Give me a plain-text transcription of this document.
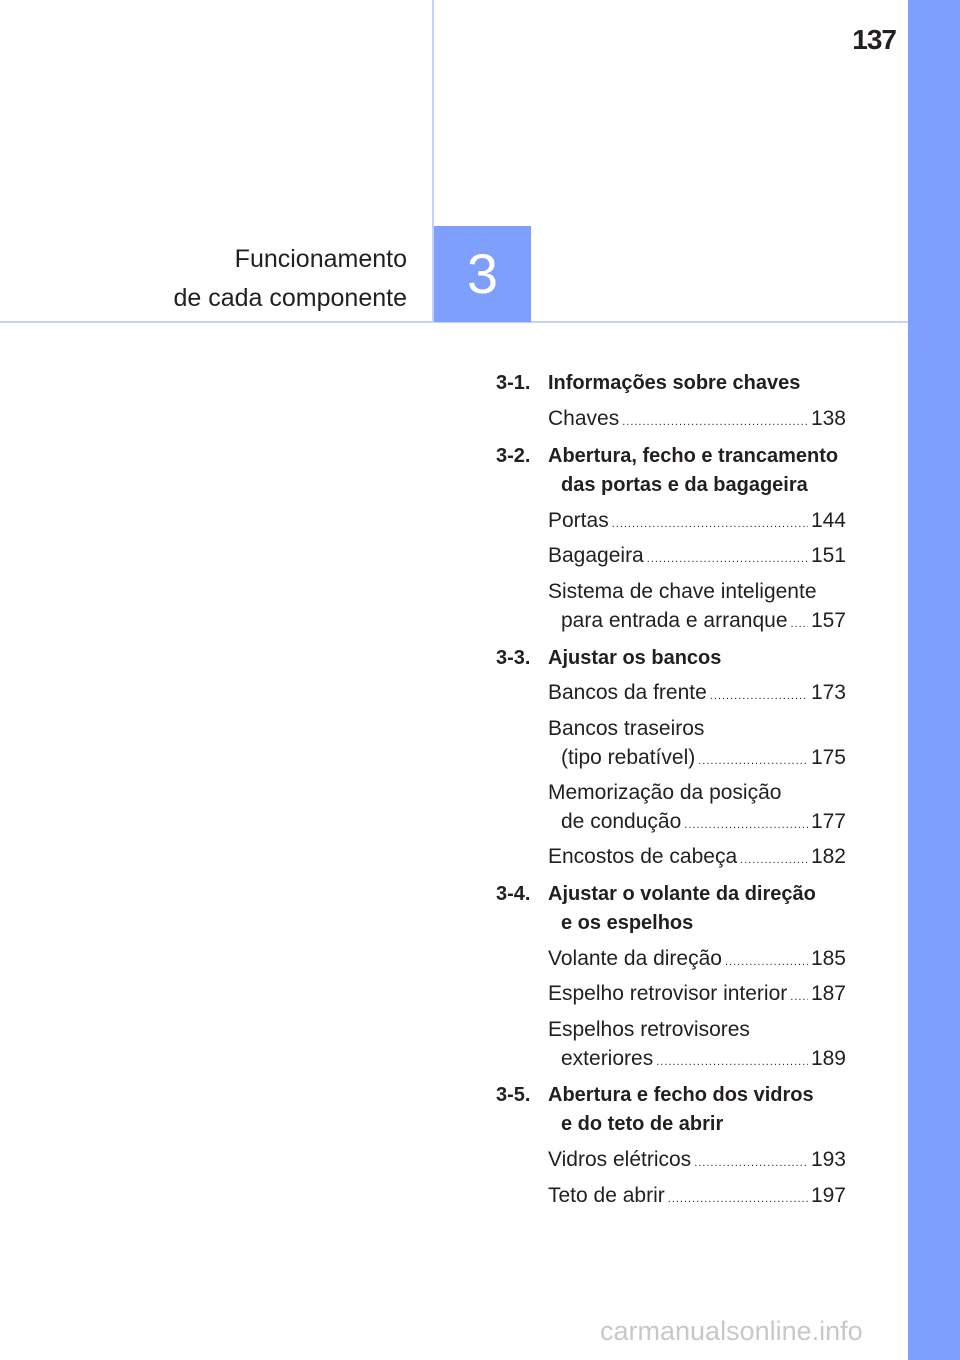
137
Funcionamento
de cada componente	3
3-1. Informações sobre chaves
Chaves .....	138
3-2. Abertura, fecho e trancamento
das portas e da bagageira
Portas .....	144
Bagageira .....	151
Sistema de chave inteligente
para entrada e arranque ..... 157
3-3. Ajustar os bancos
Bancos da frente .....	173
Bancos traseiros
(tipo rebatível) .....	175
Memorização da posição
de condução .....	177
Encostos de cabeça .....	182
3-4. Ajustar o volante da direção
e os espelhos
Volante da direção .....	185
Espelho retrovisor interior ..... 187
Espelhos retrovisores
exteriores .....	189
3-5. Abertura e fecho dos vidros
e do teto de abrir
Vidros elétricos .....	193
Teto de abrir .....	197
carmanualsonline.info
